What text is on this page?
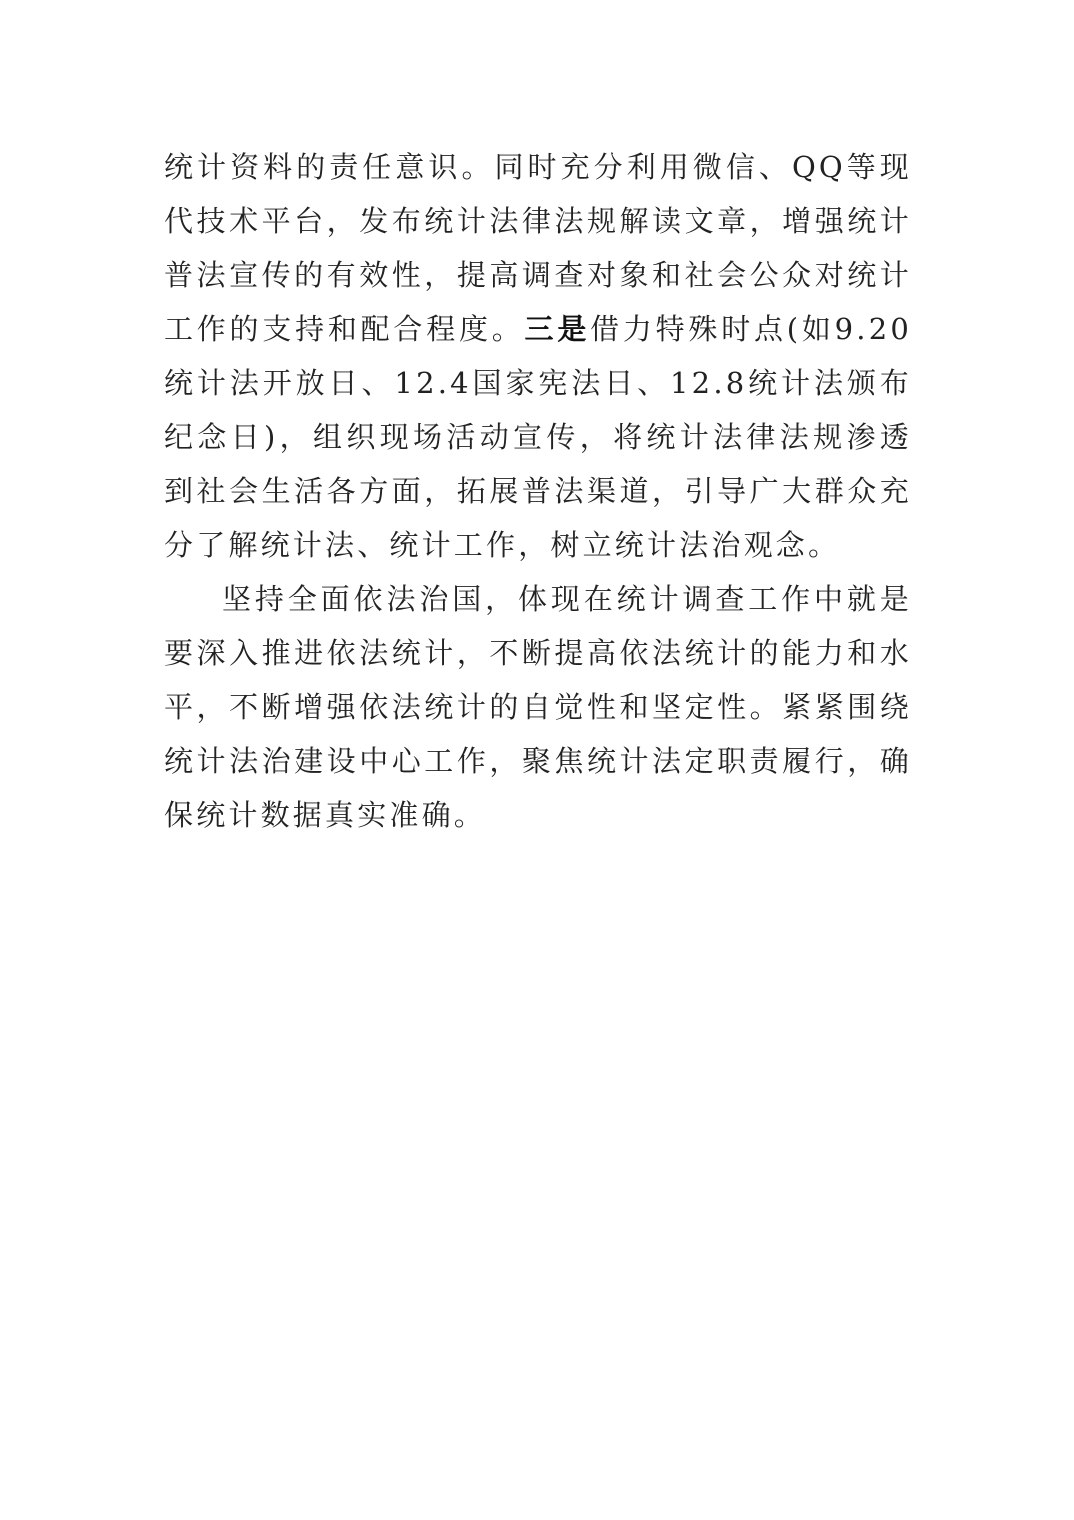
统计资料的责任意识。同时充分利用微信、QQ等现代技术平台，发布统计法律法规解读文章，增强统计普法宣传的有效性，提高调查对象和社会公众对统计工作的支持和配合程度。三是借力特殊时点(如9.20统计法开放日、12.4国家宪法日、12.8统计法颁布纪念日)，组织现场活动宣传，将统计法律法规渗透到社会生活各方面，拓展普法渠道，引导广大群众充分了解统计法、统计工作，树立统计法治观念。

坚持全面依法治国，体现在统计调查工作中就是要深入推进依法统计，不断提高依法统计的能力和水平，不断增强依法统计的自觉性和坚定性。紧紧围绕统计法治建设中心工作，聚焦统计法定职责履行，确保统计数据真实准确。
